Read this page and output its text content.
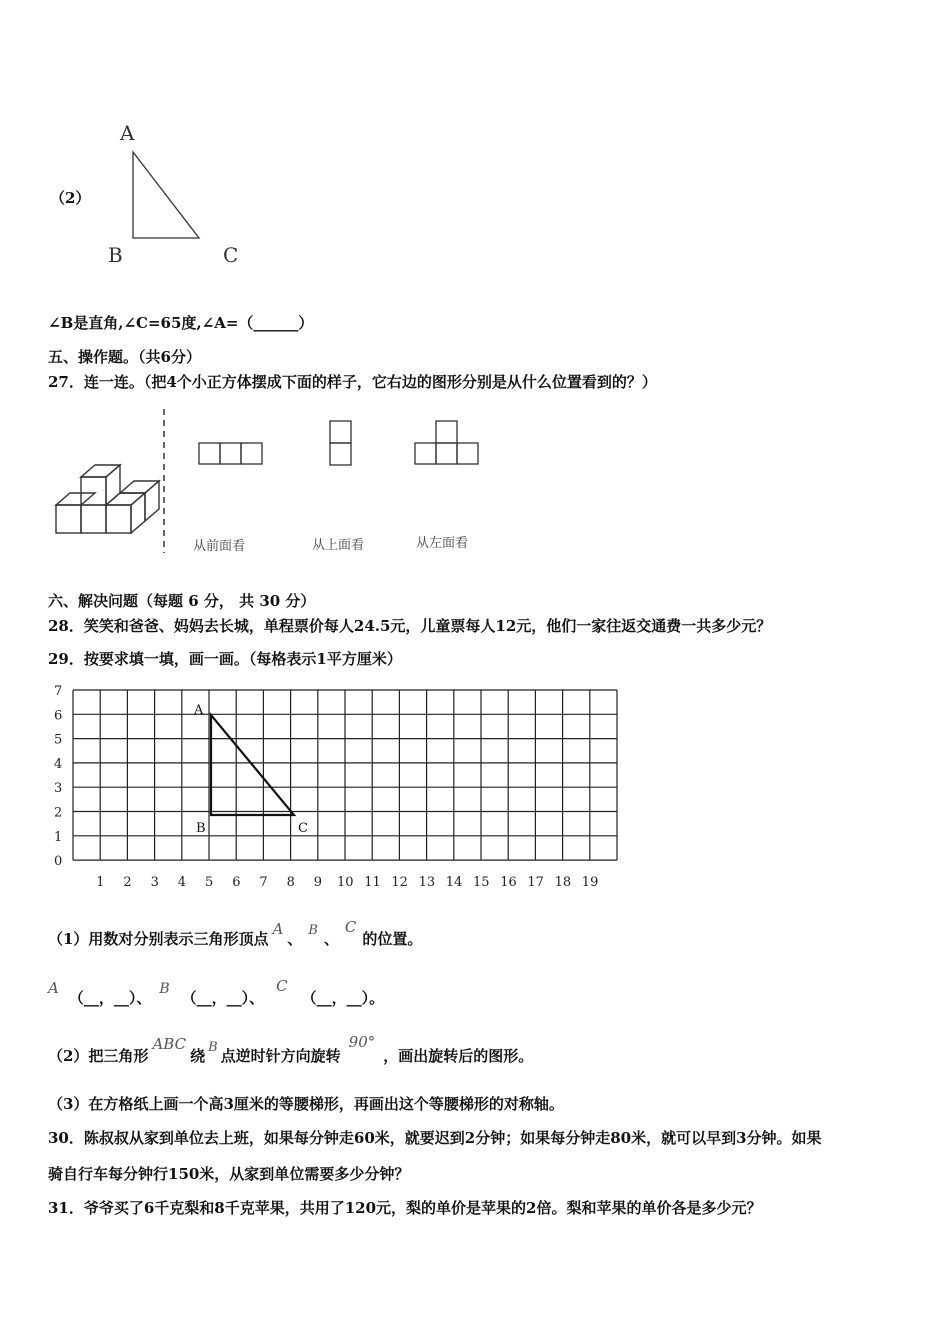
（2）
A
B	C
∠B是直角,∠C=65度,∠A=（______）
五、操作题。（共6分）
27．连一连。（把4个小正方体摆成下面的样子，它右边的图形分别是从什么位置看到的？）
从前面看	从上面看	从左面看
六、解决问题（每题 6 分， 共 30 分）
28．笑笑和爸爸、妈妈去长城，单程票价每人24.5元，儿童票每人12元，他们一家往返交通费一共多少元？
29．按要求填一填，画一画。（每格表示1平方厘米）
7
6
5
4
3
2
1
0
1 2 3 4 5 6 7 8 9 10 11 12 13 14 15 16 17 18 19
A
B	C
（1）用数对分别表示三角形顶点A、 B 、C的位置。
A（__，__）、 B （__，__）、C（__，__）。
（2）把三角形ABC绕 B 点逆时针方向旋转90°，画出旋转后的图形。
（3）在方格纸上画一个高3厘米的等腰梯形，再画出这个等腰梯形的对称轴。
30．陈叔叔从家到单位去上班，如果每分钟走60米，就要迟到2分钟；如果每分钟走80米，就可以早到3分钟。如果
骑自行车每分钟行150米，从家到单位需要多少分钟？
31．爷爷买了6千克梨和8千克苹果，共用了120元，梨的单价是苹果的2倍。梨和苹果的单价各是多少元？
